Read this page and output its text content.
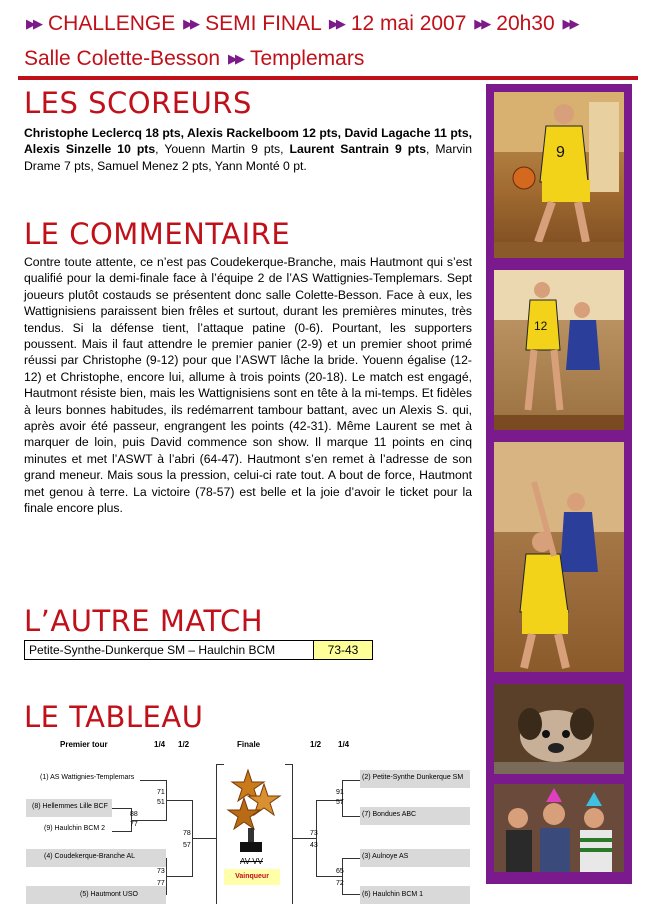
▶▶ CHALLENGE ▶▶ SEMI FINAL ▶▶ 12 mai 2007 ▶▶ 20h30 ▶▶
Salle Colette-Besson ▶▶ Templemars
LES SCOREURS
Christophe Leclercq 18 pts, Alexis Rackelboom 12 pts, David Lagache 11 pts, Alexis Sinzelle 10 pts, Youenn Martin 9 pts, Laurent Santrain 9 pts, Marvin Drame 7 pts, Samuel Menez 2 pts, Yann Monté 0 pt.
LE COMMENTAIRE
Contre toute attente, ce n’est pas Coudekerque-Branche, mais Hautmont qui s’est qualifié pour la demi-finale face à l’équipe 2 de l’AS Wattignies-Templemars. Sept joueurs plutôt costauds se présentent donc salle Colette-Besson. Face à eux, les Wattignisiens paraissent bien frêles et surtout, durant les premières minutes, très tendus. Si la défense tient, l’attaque patine (0-6). Pourtant, les supporters poussent. Mais il faut attendre le premier panier (2-9) et un premier shoot primé réussi par Christophe (9-12) pour que l’ASWT lâche la bride. Youenn égalise (12-12) et Christophe, encore lui, allume à trois points (20-18). Le match est engagé, Hautmont résiste bien, mais les Wattignisiens sont en tête à la mi-temps. Et fidèles à leurs bonnes habitudes, ils redémarrent tambour battant, avec un Alexis S. qui, après avoir été passeur, engrangent les points (42-31). Même Laurent se met à marquer de loin, puis David commence son show. Il marque 11 points en cinq minutes et met l’ASWT à l’abri (64-47). Hautmont s’en remet à l’adresse de son grand meneur. Mais sous la pression, celui-ci rate tout. A bout de force, Hautmont met genou à terre. La victoire (78-57) est belle et la joie d’avoir le ticket pour la finale encore plus.
L’AUTRE MATCH
Petite-Synthe-Dunkerque SM – Haulchin BCM	73-43
LE TABLEAU
Premier tour	1/4 1/2	Finale	1/2 1/4
(1) AS Wattignies-Templemars
(8) Hellemmes Lille BCF
(9) Haulchin BCM 2
(4) Coudekerque-Branche AL
(5) Hautmont USO
88
77
71
51
73
77
78
57
AV-VV
Vainqueur
91
57
65
72
73
43
(2) Petite-Synthe Dunkerque SM
(7) Bondues ABC
(3) Aulnoye AS
(6) Haulchin BCM 1
9
12
